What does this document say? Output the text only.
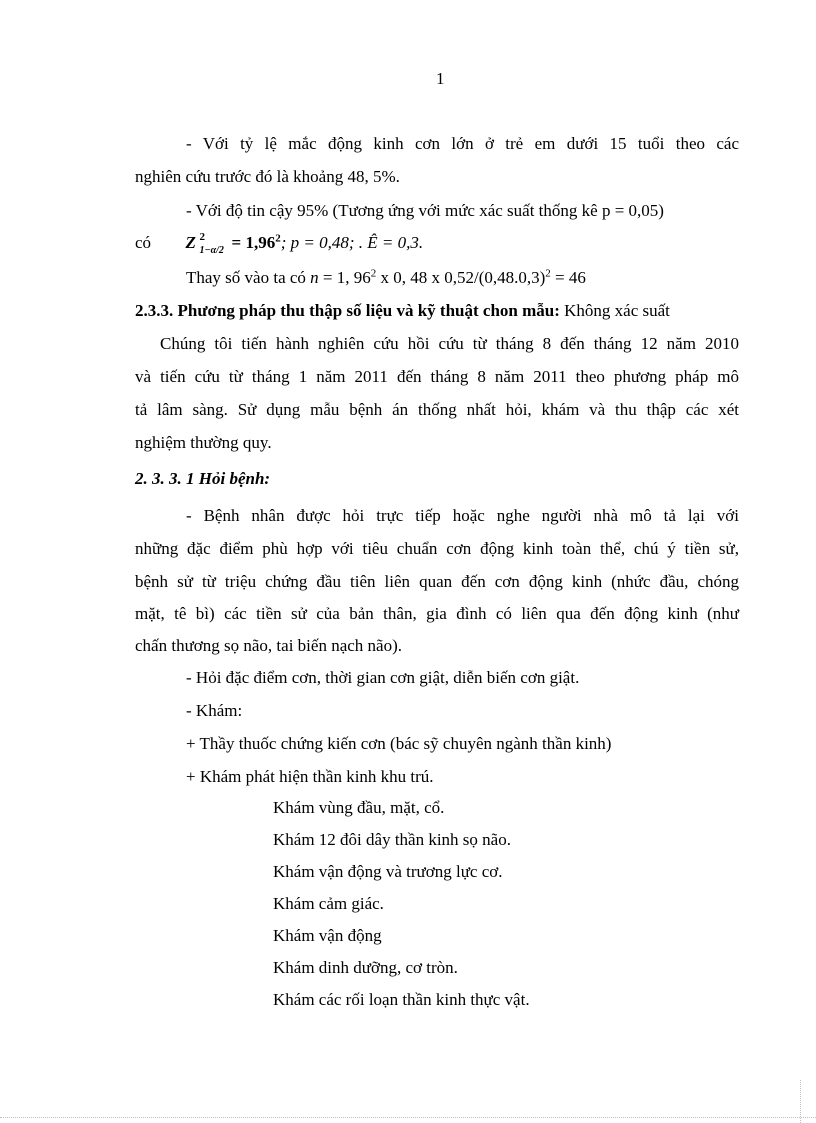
1
- Với tỷ lệ mắc động kinh cơn lớn ở trẻ em dưới 15 tuổi theo các
nghiên cứu trước đó là khoảng 48, 5%.
- Với độ tin cậy 95% (Tương ứng với mức xác suất thống kê p = 0,05)
có Z 2
$1-\alpha/2 = 1,96^2$; p = 0,48; . Ê = 0,3.
Thay số vào ta có n = 1, $96^2$ x 0, 48 x $0,52/(0,48.0,3)^2 = 46$
2.3.3. Phương pháp thu thập số liệu và kỹ thuật chon mẫu: Không xác suất
Chúng tôi tiến hành nghiên cứu hồi cứu từ tháng 8 đến tháng 12 năm 2010
và tiến cứu từ tháng 1 năm 2011 đến tháng 8 năm 2011 theo phương pháp mô
tả lâm sàng. Sử dụng mẫu bệnh án thống nhất hỏi, khám và thu thập các xét
nghiệm thường quy.
2. 3. 3. 1 Hỏi bệnh:
- Bệnh nhân được hỏi trực tiếp hoặc nghe người nhà mô tả lại với
những đặc điểm phù hợp với tiêu chuẩn cơn động kinh toàn thể, chú ý tiền sử,
bệnh sử từ triệu chứng đầu tiên liên quan đến cơn động kinh (nhức đầu, chóng
mặt, tê bì) các tiền sử của bản thân, gia đình có liên qua đến động kinh (như
chấn thương sọ não, tai biến nạch não).
- Hỏi đặc điểm cơn, thời gian cơn giật, diễn biến cơn giật.
- Khám:
+ Thầy thuốc chứng kiến cơn (bác sỹ chuyên ngành thần kinh)
+ Khám phát hiện thần kinh khu trú.
Khám vùng đầu, mặt, cổ.
Khám 12 đôi dây thần kinh sọ não.
Khám vận động và trương lực cơ.
Khám cảm giác.
Khám vận động
Khám dinh dưỡng, cơ tròn.
Khám các rối loạn thần kinh thực vật.
